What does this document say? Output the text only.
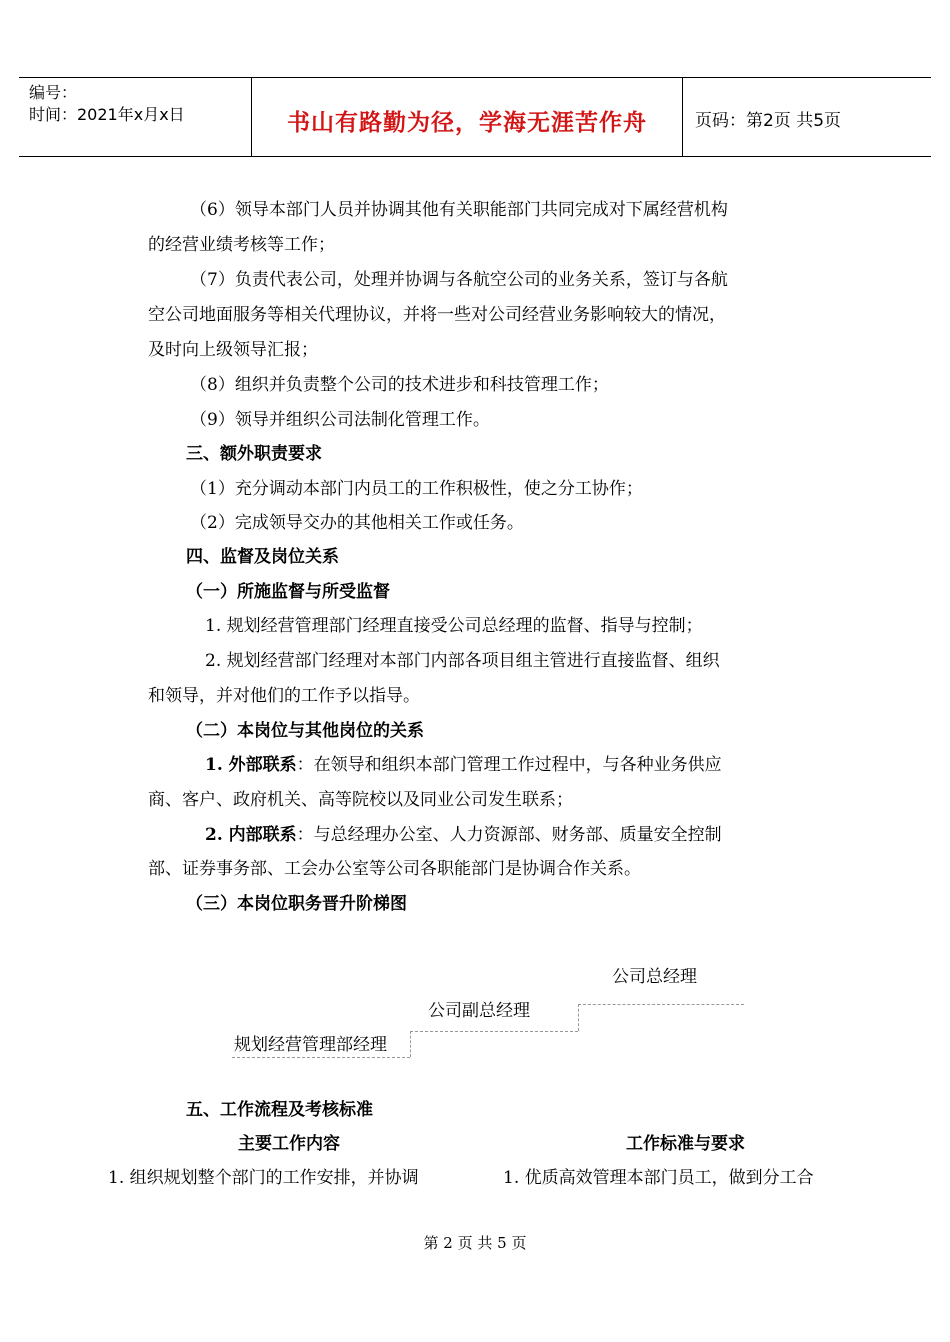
编号：
时间：2021年x月x日	书山有路勤为径，学海无涯苦作舟	页码：第2页 共5页
（6）领导本部门人员并协调其他有关职能部门共同完成对下属经营机构
的经营业绩考核等工作；
（7）负责代表公司，处理并协调与各航空公司的业务关系，签订与各航
空公司地面服务等相关代理协议，并将一些对公司经营业务影响较大的情况，
及时向上级领导汇报；
（8）组织并负责整个公司的技术进步和科技管理工作；
（9）领导并组织公司法制化管理工作。
三、额外职责要求
（1）充分调动本部门内员工的工作积极性，使之分工协作；
（2）完成领导交办的其他相关工作或任务。
四、监督及岗位关系
（一）所施监督与所受监督
1. 规划经营管理部门经理直接受公司总经理的监督、指导与控制；
2. 规划经营部门经理对本部门内部各项目组主管进行直接监督、组织
和领导，并对他们的工作予以指导。
（二）本岗位与其他岗位的关系
1. 外部联系：在领导和组织本部门管理工作过程中，与各种业务供应
商、客户、政府机关、高等院校以及同业公司发生联系；
2. 内部联系：与总经理办公室、人力资源部、财务部、质量安全控制
部、证券事务部、工会办公室等公司各职能部门是协调合作关系。
（三）本岗位职务晋升阶梯图
公司总经理
公司副总经理
规划经营管理部经理
五、工作流程及考核标准
主要工作内容	工作标准与要求
1. 组织规划整个部门的工作安排，并协调	1. 优质高效管理本部门员工，做到分工合
第 2 页 共 5 页
